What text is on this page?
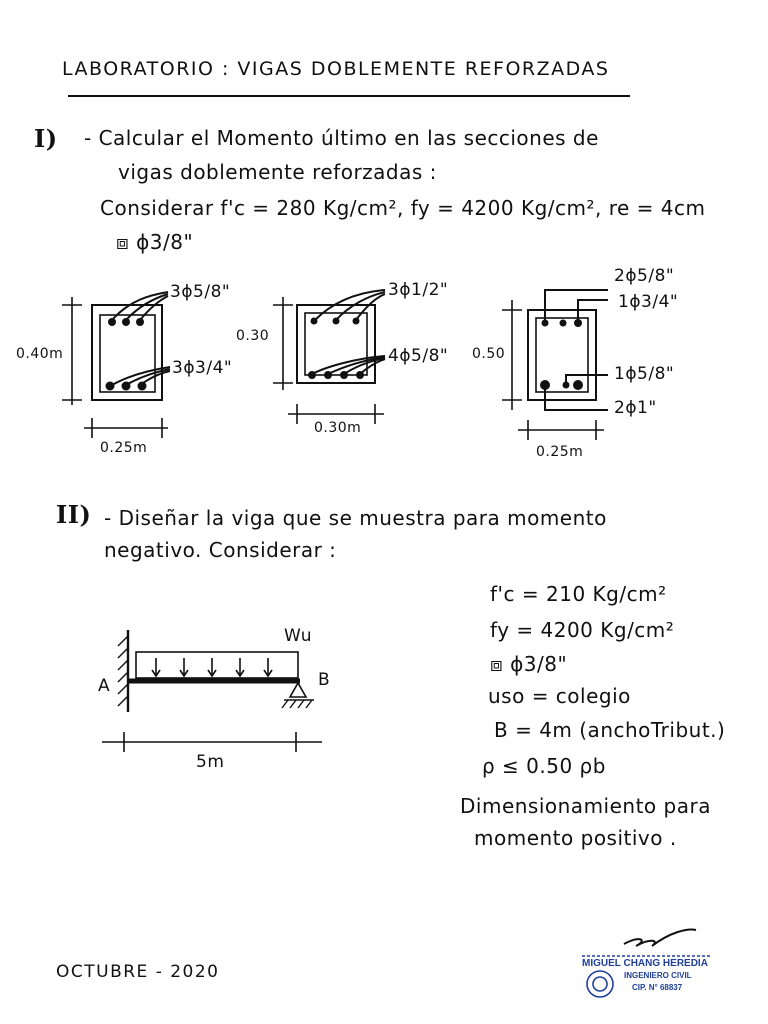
LABORATORIO : VIGAS DOBLEMENTE REFORZADAS
I) - Calcular el Momento último en las secciones de
vigas doblemente reforzadas :
Considerar f'c = 280 Kg/cm², fy = 4200 Kg/cm², re = 4cm
⧈ ϕ3/8"
3ϕ5/8"
3ϕ3/4"
0.40m
0.25m
3ϕ1/2"
4ϕ5/8"
0.30
0.30m
2ϕ5/8"
1ϕ3/4"
1ϕ5/8"
2ϕ1"
0.50
0.25m
II) - Diseñar la viga que se muestra para momento
negativo. Considerar :
Wu
A	B
5m
f'c = 210 Kg/cm²
fy = 4200 Kg/cm²
⧈ ϕ3/8"
uso = colegio
B = 4m (anchoTribut.)
ρ ≤ 0.50 ρb
Dimensionamiento para
momento positivo .
OCTUBRE - 2020	MIGUEL CHANG HEREDIA
INGENIERO CIVIL
CIP. N° 68837
